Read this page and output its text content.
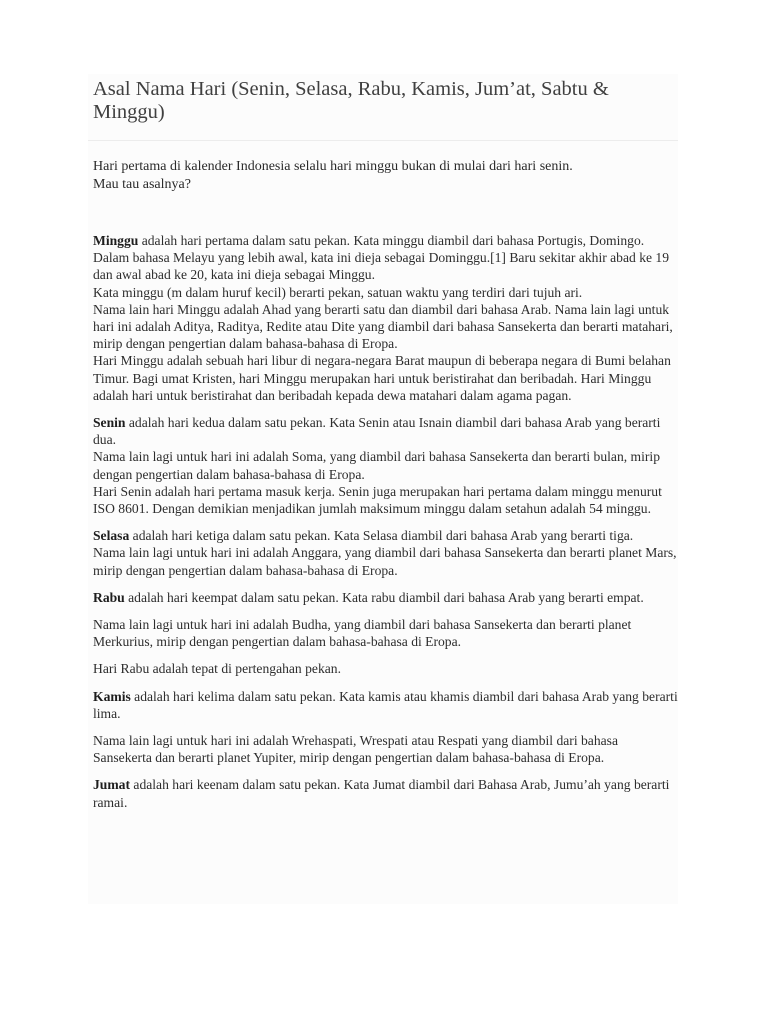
Asal Nama Hari (Senin, Selasa, Rabu, Kamis, Jum’at, Sabtu & Minggu)

Hari pertama di kalender Indonesia selalu hari minggu bukan di mulai dari hari senin.

Mau tau asalnya?

Minggu adalah hari pertama dalam satu pekan. Kata minggu diambil dari bahasa Portugis, Domingo. Dalam bahasa Melayu yang lebih awal, kata ini dieja sebagai Dominggu.[1] Baru sekitar akhir abad ke 19 dan awal abad ke 20, kata ini dieja sebagai Minggu.
Kata minggu (m dalam huruf kecil) berarti pekan, satuan waktu yang terdiri dari tujuh ari.
Nama lain hari Minggu adalah Ahad yang berarti satu dan diambil dari bahasa Arab. Nama lain lagi untuk hari ini adalah Aditya, Raditya, Redite atau Dite yang diambil dari bahasa Sansekerta dan berarti matahari, mirip dengan pengertian dalam bahasa-bahasa di Eropa.
Hari Minggu adalah sebuah hari libur di negara-negara Barat maupun di beberapa negara di Bumi belahan Timur. Bagi umat Kristen, hari Minggu merupakan hari untuk beristirahat dan beribadah. Hari Minggu adalah hari untuk beristirahat dan beribadah kepada dewa matahari dalam agama pagan.

Senin adalah hari kedua dalam satu pekan. Kata Senin atau Isnain diambil dari bahasa Arab yang berarti dua.
Nama lain lagi untuk hari ini adalah Soma, yang diambil dari bahasa Sansekerta dan berarti bulan, mirip dengan pengertian dalam bahasa-bahasa di Eropa.
Hari Senin adalah hari pertama masuk kerja. Senin juga merupakan hari pertama dalam minggu menurut ISO 8601. Dengan demikian menjadikan jumlah maksimum minggu dalam setahun adalah 54 minggu.

Selasa adalah hari ketiga dalam satu pekan. Kata Selasa diambil dari bahasa Arab yang berarti tiga.
Nama lain lagi untuk hari ini adalah Anggara, yang diambil dari bahasa Sansekerta dan berarti planet Mars, mirip dengan pengertian dalam bahasa-bahasa di Eropa.

Rabu adalah hari keempat dalam satu pekan. Kata rabu diambil dari bahasa Arab yang berarti empat.

Nama lain lagi untuk hari ini adalah Budha, yang diambil dari bahasa Sansekerta dan berarti planet Merkurius, mirip dengan pengertian dalam bahasa-bahasa di Eropa.

Hari Rabu adalah tepat di pertengahan pekan.

Kamis adalah hari kelima dalam satu pekan. Kata kamis atau khamis diambil dari bahasa Arab yang berarti lima.

Nama lain lagi untuk hari ini adalah Wrehaspati, Wrespati atau Respati yang diambil dari bahasa Sansekerta dan berarti planet Yupiter, mirip dengan pengertian dalam bahasa-bahasa di Eropa.

Jumat adalah hari keenam dalam satu pekan. Kata Jumat diambil dari Bahasa Arab, Jumu’ah yang berarti ramai.
